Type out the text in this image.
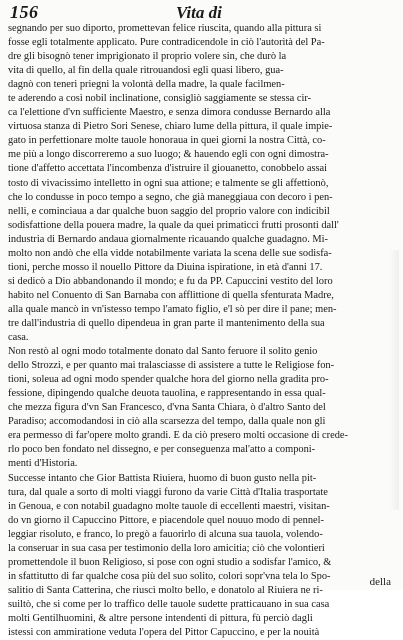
156	Vita di
segnando per suo diporto, promettevan felice riuscita, quando alla pittura si
fosse egli totalmente applicato. Pure contradicendole in ciò l'autorità del Pa-
dre gli bisognò tener imprigionato il proprio volere sin, che durò la
vita di quello, al fin della quale ritrouandosi egli quasi libero, gua-
dagnò con teneri priegni la volontà della madre, la quale facilmen-
te aderendo a così nobil inclinatione, consigliò saggiamente se stessa cir-
ca l'elettione d'vn sufficiente Maestro, e senza dimora condusse Bernardo alla
virtuosa stanza di Pietro Sori Senese, chiaro lume della pittura, il quale impie-
gato in perfettionare molte tauole honoraua in quei giorni la nostra Città, co-
me più a longo discorreremo a suo luogo; & hauendo egli con ogni dimostra-
tione d'affetto accettata l'incombenza d'istruire il giouanetto, conobbelo assai
tosto di vivacissimo intelletto in ogni sua attione; e talmente se gli affettionò,
che lo condusse in poco tempo a segno, che già maneggiaua con decoro i pen-
nelli, e cominciaua a dar qualche buon saggio del proprio valore con indicibil
sodisfattione della pouera madre, la quale da quei primaticci frutti prosonti dall'
industria di Bernardo andaua giornalmente ricauando qualche guadagno. Mi-
molto non andò che ella vidde notabilmente variata la scena delle sue sodisfa-
tioni, perche mosso il nouello Pittore da Diuina ispiratione, in età d'anni 17.
si dedicò a Dio abbandonando il mondo; e fu da PP. Capuccini vestito del loro
habito nel Conuento di San Barnaba con afflittione di quella sfenturata Madre,
alla quale mancò in vn'istesso tempo l'amato figlio, e'l sò per dire il pane; men-
tre dall'industria di quello dipendeua in gran parte il mantenimento della sua
casa.
Non restò al ogni modo totalmente donato dal Santo feruore il solito genio
dello Strozzi, e per quanto mai tralasciasse di assistere a tutte le Religiose fon-
tioni, soleua ad ogni modo spender qualche hora del giorno nella gradita pro-
fessione, dipingendo qualche deuota tauolina, e rappresentando in essa qual-
che mezza figura d'vn San Francesco, d'vna Santa Chiara, ò d'altro Santo del
Paradiso; accomodandosi in ciò alla scarsezza del tempo, dalla quale non gli
era permesso di far'opere molto grandi. E da ciò presero molti occasione di crede-
rlo poco ben fondato nel dissegno, e per conseguenza mal'atto a componi-
menti d'Historia.
Successe intanto che Gior Battista Riuiera, huomo di buon gusto nella pit-
tura, dal quale a sorto di molti viaggi furono da varie Città d'Italia trasportate
in Genoua, e con notabil guadagno molte tauole di eccellenti maestri, visitan-
do vn giorno il Capuccino Pittore, e piacendole quel nouuo modo di pennel-
leggiar risoluto, e franco, lo pregò a fauorirlo di alcuna sua tauola, volendo-
la conseruar in sua casa per testimonio della loro amicitia; ciò che volontieri
promettendole il buon Religioso, si pose con ogni studio a sodisfar l'amico, &
in sfattitutto di far qualche cosa più del suo solito, colori sopr'vna tela lo Spo-
salitio di Santa Catterina, che riuscì molto bello, e donatolo al Riuiera ne ri-
suiltò, che si come per lo traffico delle tauole sudette pratticauano in sua casa
molti Gentilhuomini, & altre persone intendenti di pittura, fù perciò dagli
istessi con ammiratione veduta l'opera del Pittor Capuccino, e per la nouità
della
